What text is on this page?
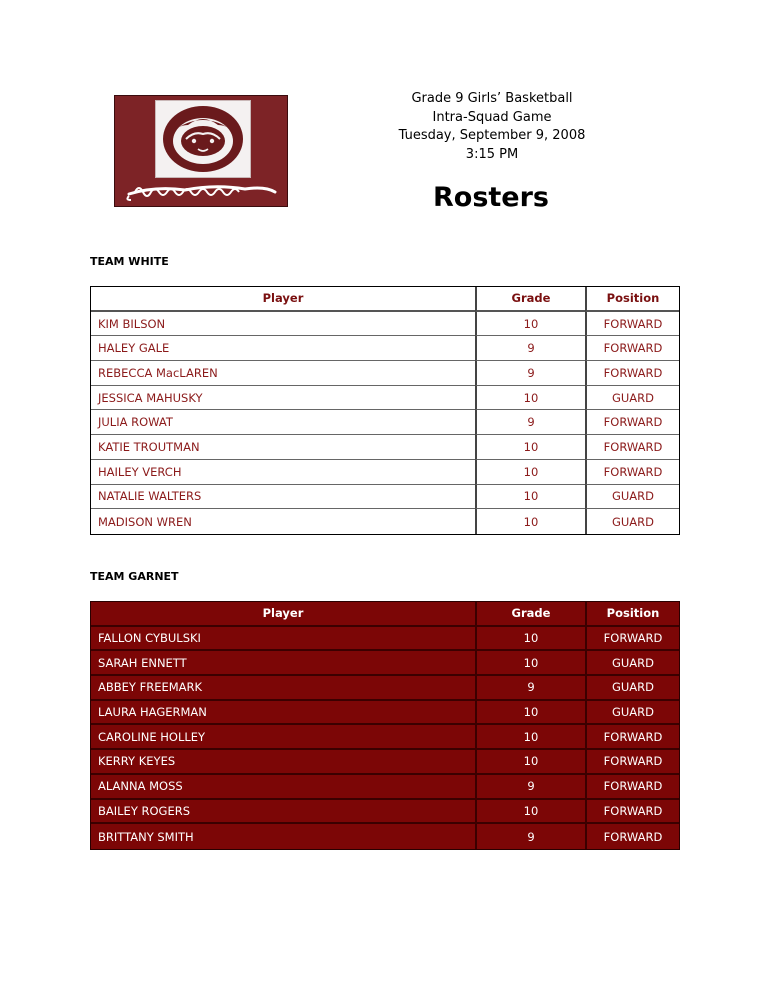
Grade 9 Girls’ Basketball
Intra-Squad Game
Tuesday, September 9, 2008
3:15 PM
Rosters
TEAM WHITE
Player	Grade	Position
KIM BILSON	10	FORWARD
HALEY GALE	9	FORWARD
REBECCA MacLAREN	9	FORWARD
JESSICA MAHUSKY	10	GUARD
JULIA ROWAT	9	FORWARD
KATIE TROUTMAN	10	FORWARD
HAILEY VERCH	10	FORWARD
NATALIE WALTERS	10	GUARD
MADISON WREN	10	GUARD
TEAM GARNET
Player	Grade	Position
FALLON CYBULSKI	10	FORWARD
SARAH ENNETT	10	GUARD
ABBEY FREEMARK	9	GUARD
LAURA HAGERMAN	10	GUARD
CAROLINE HOLLEY	10	FORWARD
KERRY KEYES	10	FORWARD
ALANNA MOSS	9	FORWARD
BAILEY ROGERS	10	FORWARD
BRITTANY SMITH	9	FORWARD
